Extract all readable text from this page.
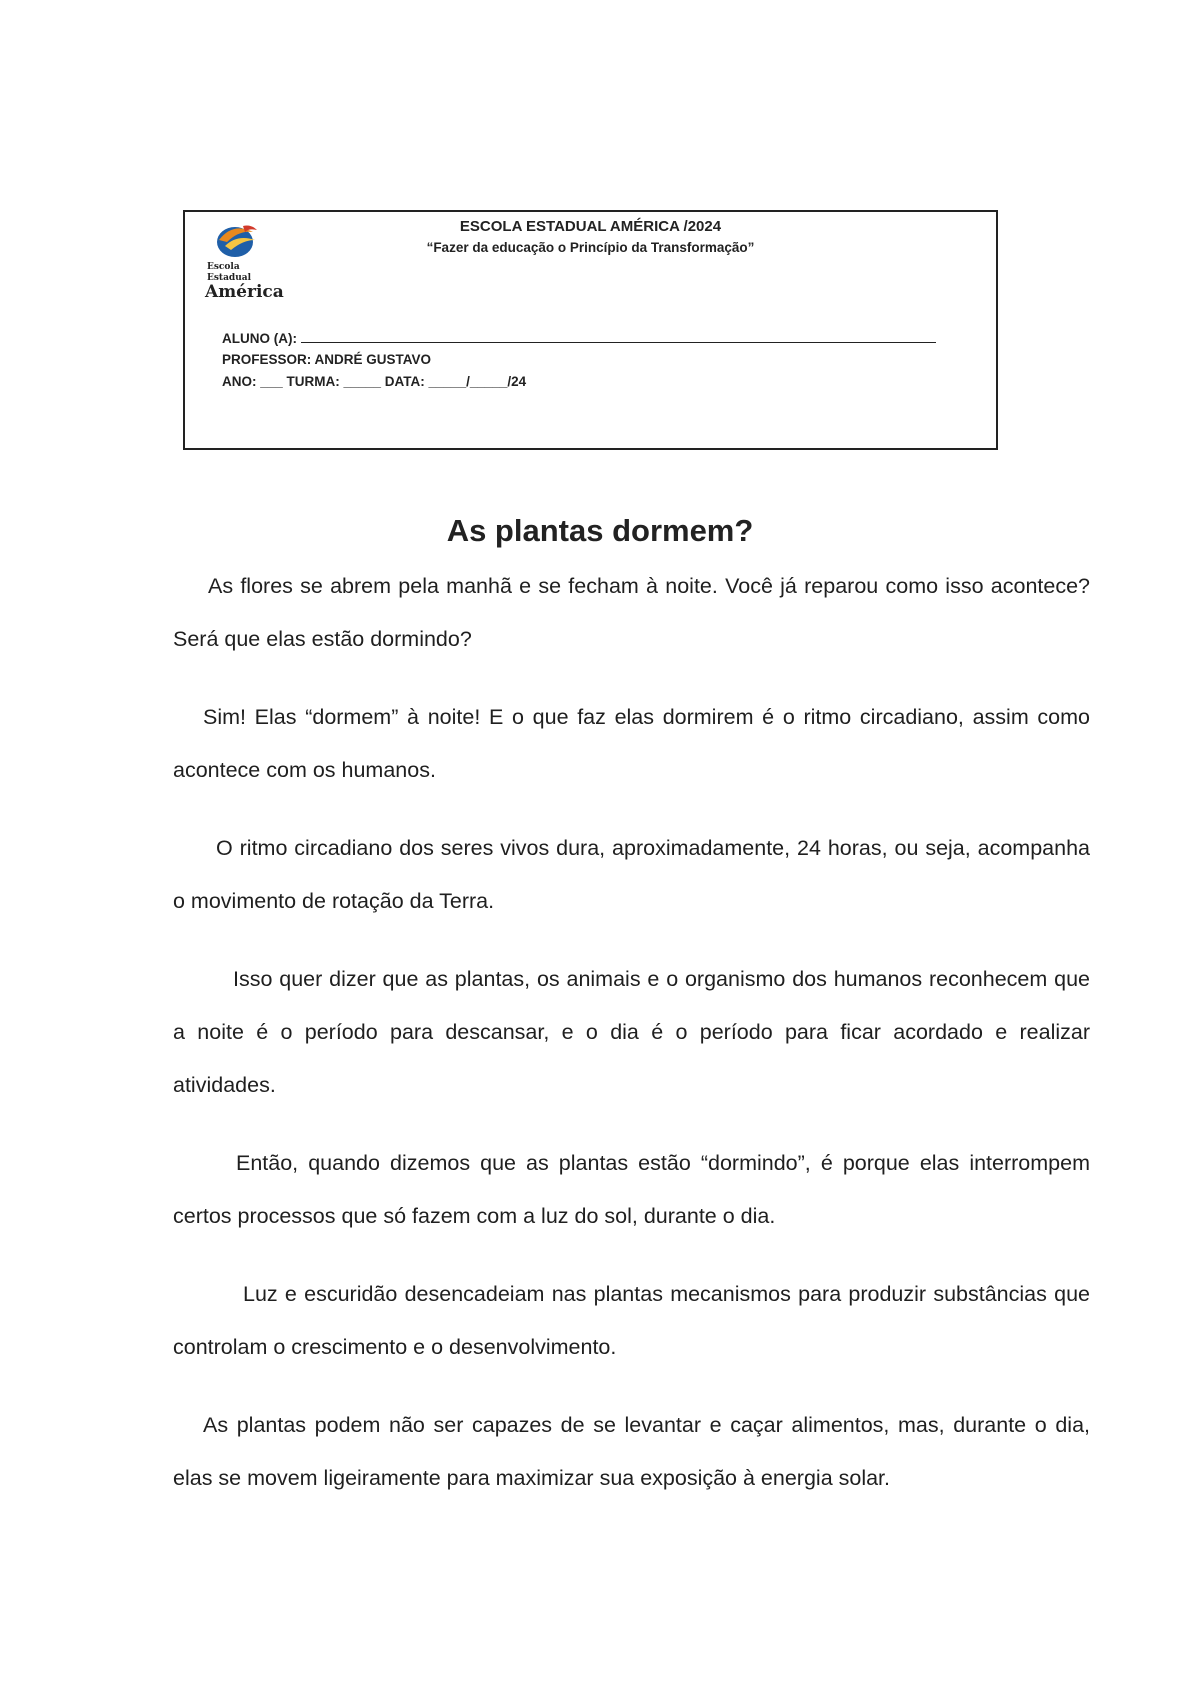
Escola
Estadual
América
ESCOLA ESTADUAL AMÉRICA /2024
“Fazer da educação o Princípio da Transformação”
ALUNO (A):
PROFESSOR: ANDRÉ GUSTAVO
ANO: ___ TURMA: _____ DATA: _____/_____/24
As plantas dormem?

As flores se abrem pela manhã e se fecham à noite. Você já reparou como isso acontece? Será que elas estão dormindo?

Sim! Elas “dormem” à noite! E o que faz elas dormirem é o ritmo circadiano, assim como acontece com os humanos.

O ritmo circadiano dos seres vivos dura, aproximadamente, 24 horas, ou seja, acompanha o movimento de rotação da Terra.

Isso quer dizer que as plantas, os animais e o organismo dos humanos reconhecem que a noite é o período para descansar, e o dia é o período para ficar acordado e realizar atividades.

Então, quando dizemos que as plantas estão “dormindo”, é porque elas interrompem certos processos que só fazem com a luz do sol, durante o dia.

Luz e escuridão desencadeiam nas plantas mecanismos para produzir substâncias que controlam o crescimento e o desenvolvimento.

As plantas podem não ser capazes de se levantar e caçar alimentos, mas, durante o dia, elas se movem ligeiramente para maximizar sua exposição à energia solar.
